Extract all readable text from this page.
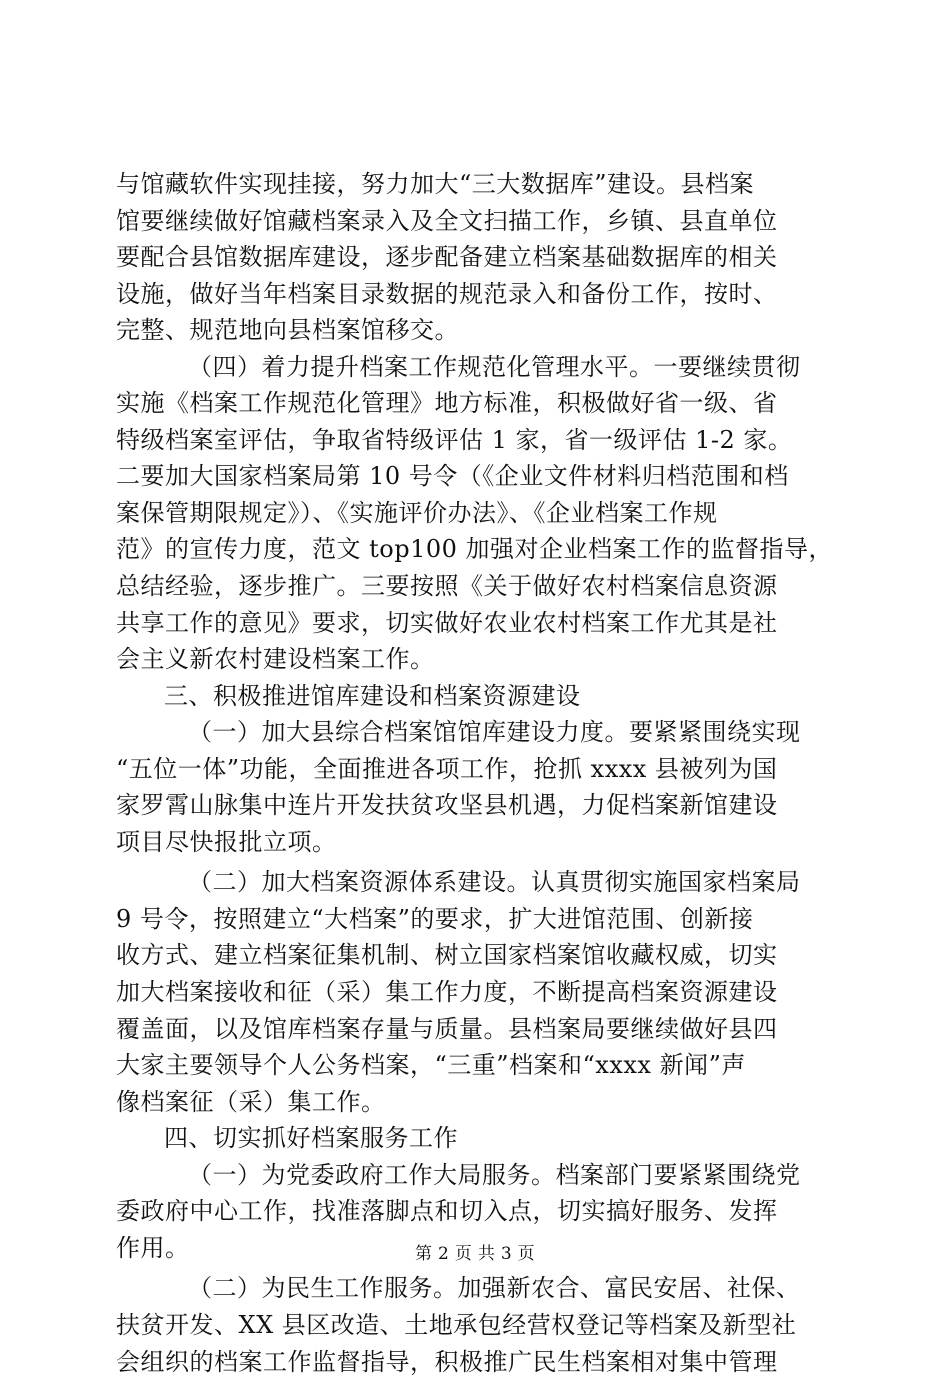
与馆藏软件实现挂接，努力加大“三大数据库”建设。县档案
馆要继续做好馆藏档案录入及全文扫描工作，乡镇、县直单位
要配合县馆数据库建设，逐步配备建立档案基础数据库的相关
设施，做好当年档案目录数据的规范录入和备份工作，按时、
完整、规范地向县档案馆移交。
（四）着力提升档案工作规范化管理水平。一要继续贯彻
实施《档案工作规范化管理》地方标准，积极做好省一级、省
特级档案室评估，争取省特级评估 1 家，省一级评估 1-2 家。
二要加大国家档案局第 10 号令（《企业文件材料归档范围和档
案保管期限规定》）、《实施评价办法》、《企业档案工作规
范》的宣传力度，范文 top100 加强对企业档案工作的监督指导，
总结经验，逐步推广。三要按照《关于做好农村档案信息资源
共享工作的意见》要求，切实做好农业农村档案工作尤其是社
会主义新农村建设档案工作。
三、积极推进馆库建设和档案资源建设
（一）加大县综合档案馆馆库建设力度。要紧紧围绕实现
“五位一体”功能，全面推进各项工作，抢抓 xxxx 县被列为国
家罗霄山脉集中连片开发扶贫攻坚县机遇，力促档案新馆建设
项目尽快报批立项。
（二）加大档案资源体系建设。认真贯彻实施国家档案局
9 号令，按照建立“大档案”的要求，扩大进馆范围、创新接
收方式、建立档案征集机制、树立国家档案馆收藏权威，切实
加大档案接收和征（采）集工作力度，不断提高档案资源建设
覆盖面，以及馆库档案存量与质量。县档案局要继续做好县四
大家主要领导个人公务档案，“三重”档案和“xxxx 新闻”声
像档案征（采）集工作。
四、切实抓好档案服务工作
（一）为党委政府工作大局服务。档案部门要紧紧围绕党
委政府中心工作，找准落脚点和切入点，切实搞好服务、发挥
作用。
（二）为民生工作服务。加强新农合、富民安居、社保、
扶贫开发、XX 县区改造、土地承包经营权登记等档案及新型社
会组织的档案工作监督指导，积极推广民生档案相对集中管理
第 2 页 共 3 页
